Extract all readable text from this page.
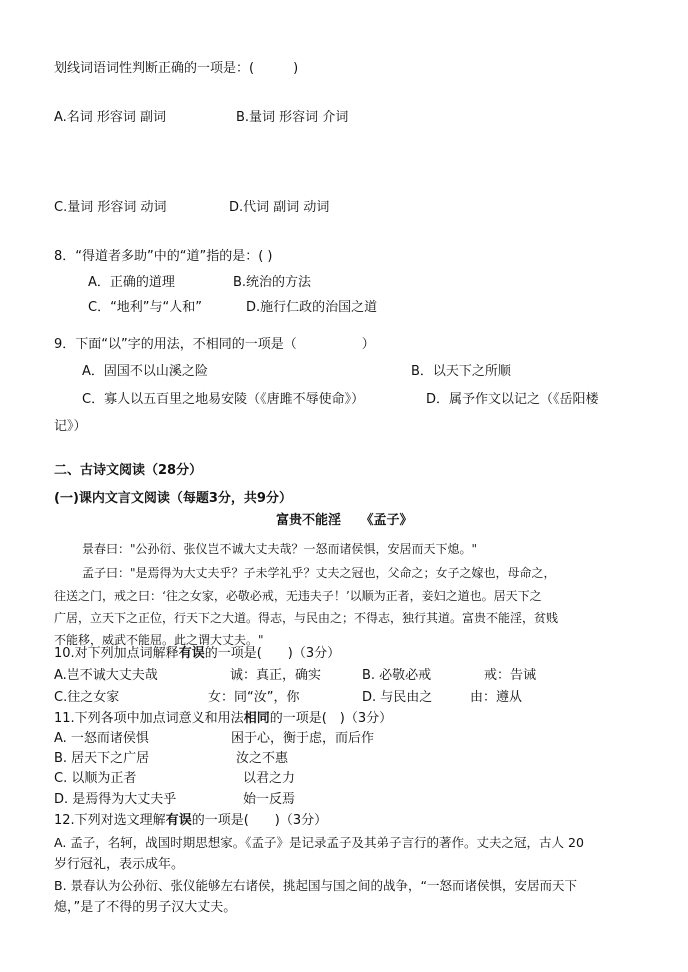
划线词语词性判断正确的一项是：(　　　)
A.名词 形容词 副词	B.量词 形容词 介词
C.量词 形容词 动词	D.代词 副词 动词
8．“得道者多助”中的“道”指的是：( )
A．正确的道理	B.统治的方法
C．“地利”与“人和”	D.施行仁政的治国之道
9．下面“以”字的用法，不相同的一项是（　　　　　）
A．固国不以山溪之险	B．以天下之所顺
C．寡人以五百里之地易安陵（《唐雎不辱使命》）	D．属予作文以记之（《岳阳楼
记》）
二、古诗文阅读（28分）
(一)课内文言文阅读（每题3分，共9分）
富贵不能淫　　《孟子》
景春曰："公孙衍、张仪岂不诚大丈夫哉？一怒而诸侯惧，安居而天下熄。"
孟子曰："是焉得为大丈夫乎？子未学礼乎？丈夫之冠也，父命之；女子之嫁也，母命之，
往送之门，戒之曰：‘往之女家，必敬必戒，无违夫子！’以顺为正者，妾妇之道也。居天下之
广居，立天下之正位，行天下之大道。得志，与民由之；不得志，独行其道。富贵不能淫，贫贱
不能移，威武不能屈。此之谓大丈夫。"
10.对下列加点词解释有误的一项是(　　)（3分）
A.岂不诚大丈夫哉	诚：真正，确实	B. 必敬必戒	戒：告诫
C.往之女家	女：同“汝”，你	D. 与民由之	由：遵从
11.下列各项中加点词意义和用法相同的一项是(　)（3分）
A. 一怒而诸侯惧	困于心，衡于虑，而后作
B. 居天下之广居	汝之不惠
C. 以顺为正者	以君之力
D. 是焉得为大丈夫乎	始一反焉
12.下列对选文理解有误的一项是(　　)（3分）
A. 孟子，名轲，战国时期思想家。《孟子》是记录孟子及其弟子言行的著作。丈夫之冠，古人 20
岁行冠礼，表示成年。
B. 景春认为公孙衍、张仪能够左右诸侯，挑起国与国之间的战争，“一怒而诸侯惧，安居而天下
熄，”是了不得的男子汉大丈夫。
